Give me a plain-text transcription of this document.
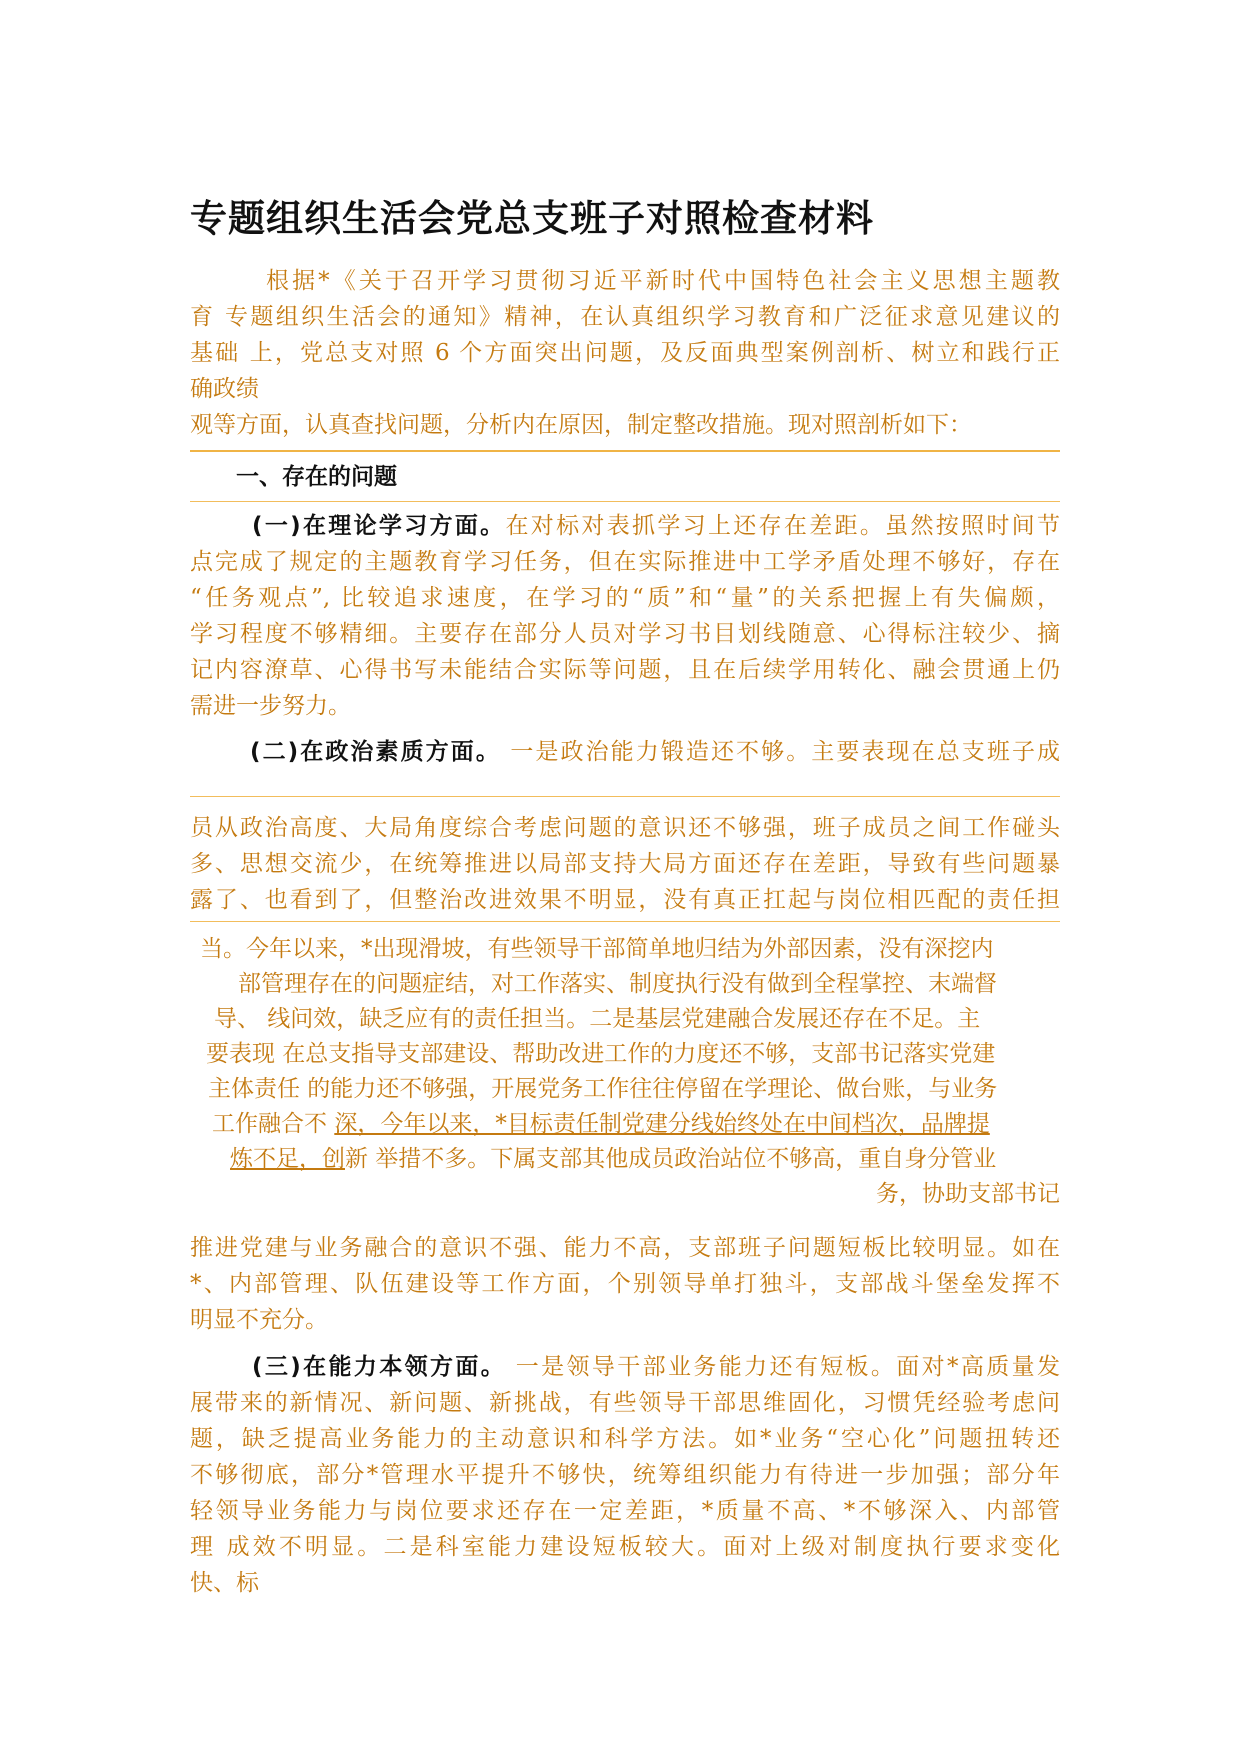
专题组织生活会党总支班子对照检查材料
根据*《关于召开学习贯彻习近平新时代中国特色社会主义思想主题教
育 专题组织生活会的通知》精神，在认真组织学习教育和广泛征求意见建议的
基础 上，党总支对照 6 个方面突出问题，及反面典型案例剖析、树立和践行正
确政绩
观等方面，认真查找问题，分析内在原因，制定整改措施。现对照剖析如下：
一、存在的问题
(一)在理论学习方面。在对标对表抓学习上还存在差距。虽然按照时间节
点完成了规定的主题教育学习任务，但在实际推进中工学矛盾处理不够好，存在
“任务观点”, 比较追求速度，在学习的“质”和“量”的关系把握上有失偏颇，
学习程度不够精细。主要存在部分人员对学习书目划线随意、心得标注较少、摘
记内容潦草、心得书写未能结合实际等问题，且在后续学用转化、融会贯通上仍
需进一步努力。
(二)在政治素质方面。 一是政治能力锻造还不够。主要表现在总支班子成
员从政治高度、大局角度综合考虑问题的意识还不够强，班子成员之间工作碰头
多、思想交流少，在统筹推进以局部支持大局方面还存在差距，导致有些问题暴
露了、也看到了，但整治改进效果不明显，没有真正扛起与岗位相匹配的责任担
当。今年以来，*出现滑坡，有些领导干部简单地归结为外部因素，没有深挖内
部管理存在的问题症结，对工作落实、制度执行没有做到全程掌控、末端督
导、 线问效，缺乏应有的责任担当。二是基层党建融合发展还存在不足。主
要表现 在总支指导支部建设、帮助改进工作的力度还不够，支部书记落实党建
主体责任 的能力还不够强，开展党务工作往往停留在学理论、做台账，与业务
工作融合不 深，今年以来，*目标责任制党建分线始终处在中间档次，品牌提
炼不足，创新 举措不多。下属支部其他成员政治站位不够高，重自身分管业
务，协助支部书记
推进党建与业务融合的意识不强、能力不高，支部班子问题短板比较明显。如在
*、内部管理、队伍建设等工作方面，个别领导单打独斗，支部战斗堡垒发挥不
明显不充分。
(三)在能力本领方面。 一是领导干部业务能力还有短板。面对*高质量发
展带来的新情况、新问题、新挑战，有些领导干部思维固化，习惯凭经验考虑问
题，缺乏提高业务能力的主动意识和科学方法。如*业务“空心化”问题扭转还
不够彻底，部分*管理水平提升不够快，统筹组织能力有待进一步加强；部分年
轻领导业务能力与岗位要求还存在一定差距，*质量不高、*不够深入、内部管
理 成效不明显。二是科室能力建设短板较大。面对上级对制度执行要求变化
快、标
